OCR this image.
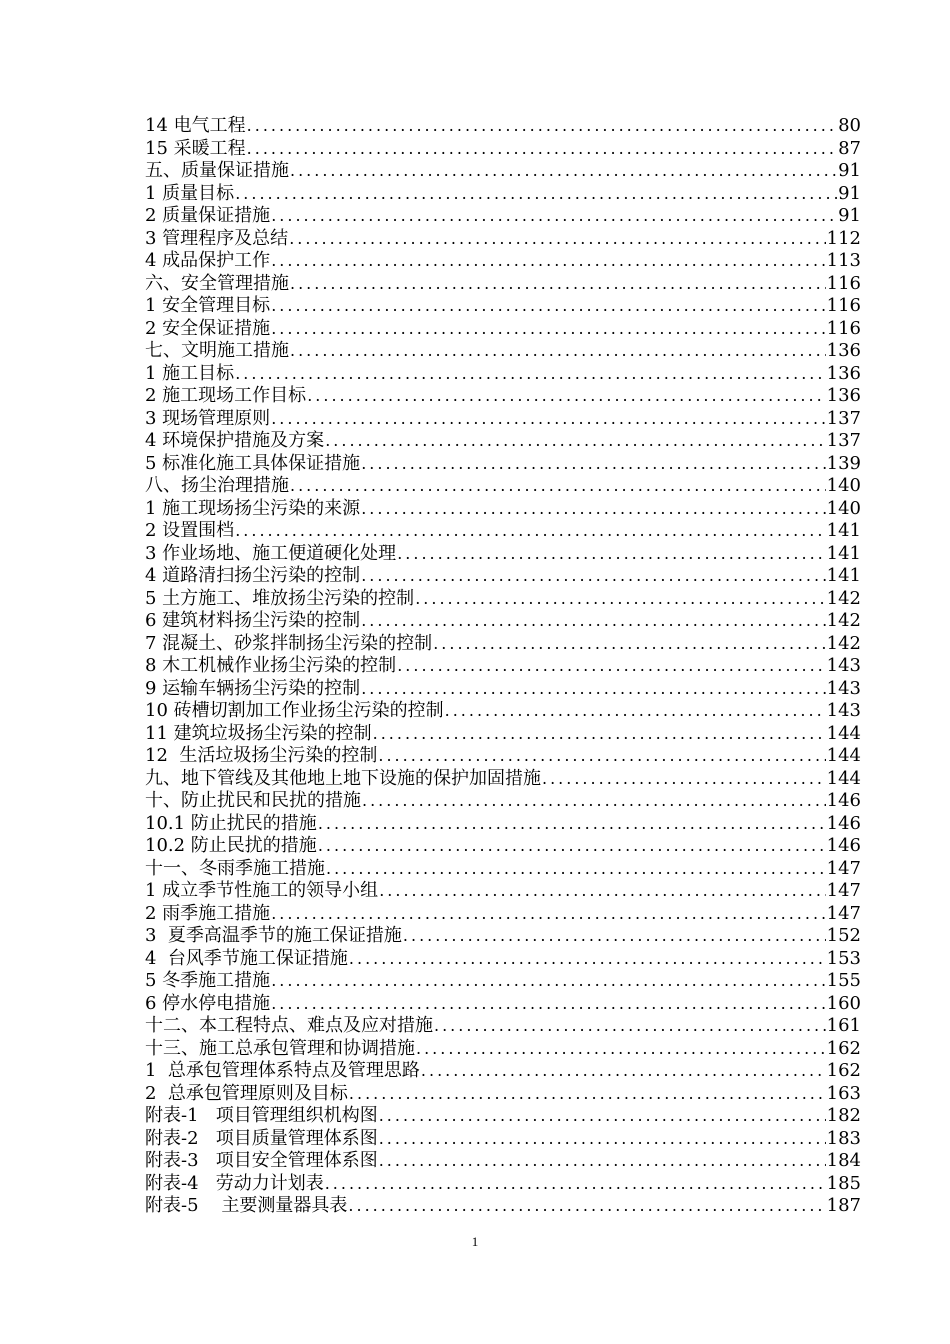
14 电气工程 .....	80
15 采暖工程 .....	87
五、质量保证措施 .....	91
1 质量目标 .....	91
2 质量保证措施 .....	91
3 管理程序及总结 .....	112
4 成品保护工作 .....	113
六、安全管理措施 .....	116
1 安全管理目标 .....	116
2 安全保证措施 .....	116
七、文明施工措施 .....	136
1 施工目标 .....	136
2 施工现场工作目标 .....	136
3 现场管理原则 .....	137
4 环境保护措施及方案 .....	137
5 标准化施工具体保证措施 .....	139
八、扬尘治理措施 .....	140
1 施工现场扬尘污染的来源 .....	140
2 设置围档 .....	141
3 作业场地、施工便道硬化处理 .....	141
4 道路清扫扬尘污染的控制 .....	141
5 土方施工、堆放扬尘污染的控制 .....	142
6 建筑材料扬尘污染的控制 .....	142
7 混凝土、砂浆拌制扬尘污染的控制 .....	142
8 木工机械作业扬尘污染的控制 .....	143
9 运输车辆扬尘污染的控制 .....	143
10 砖槽切割加工作业扬尘污染的控制 .....	143
11 建筑垃圾扬尘污染的控制 .....	144
12  生活垃圾扬尘污染的控制 .....	144
九、地下管线及其他地上地下设施的保护加固措施 .....	144
十、防止扰民和民扰的措施 .....	146
10.1 防止扰民的措施 .....	146
10.2 防止民扰的措施 .....	146
十一、冬雨季施工措施 .....	147
1 成立季节性施工的领导小组 .....	147
2 雨季施工措施 .....	147
3  夏季高温季节的施工保证措施 .....	152
4  台风季节施工保证措施 .....	153
5 冬季施工措施 .....	155
6 停水停电措施 .....	160
十二、本工程特点、难点及应对措施 .....	161
十三、施工总承包管理和协调措施 .....	162
1  总承包管理体系特点及管理思路 .....	162
2  总承包管理原则及目标 .....	163
附表-1   项目管理组织机构图 .....	182
附表-2   项目质量管理体系图 .....	183
附表-3   项目安全管理体系图 .....	184
附表-4   劳动力计划表 .....	185
附表-5    主要测量器具表 .....	187
1
